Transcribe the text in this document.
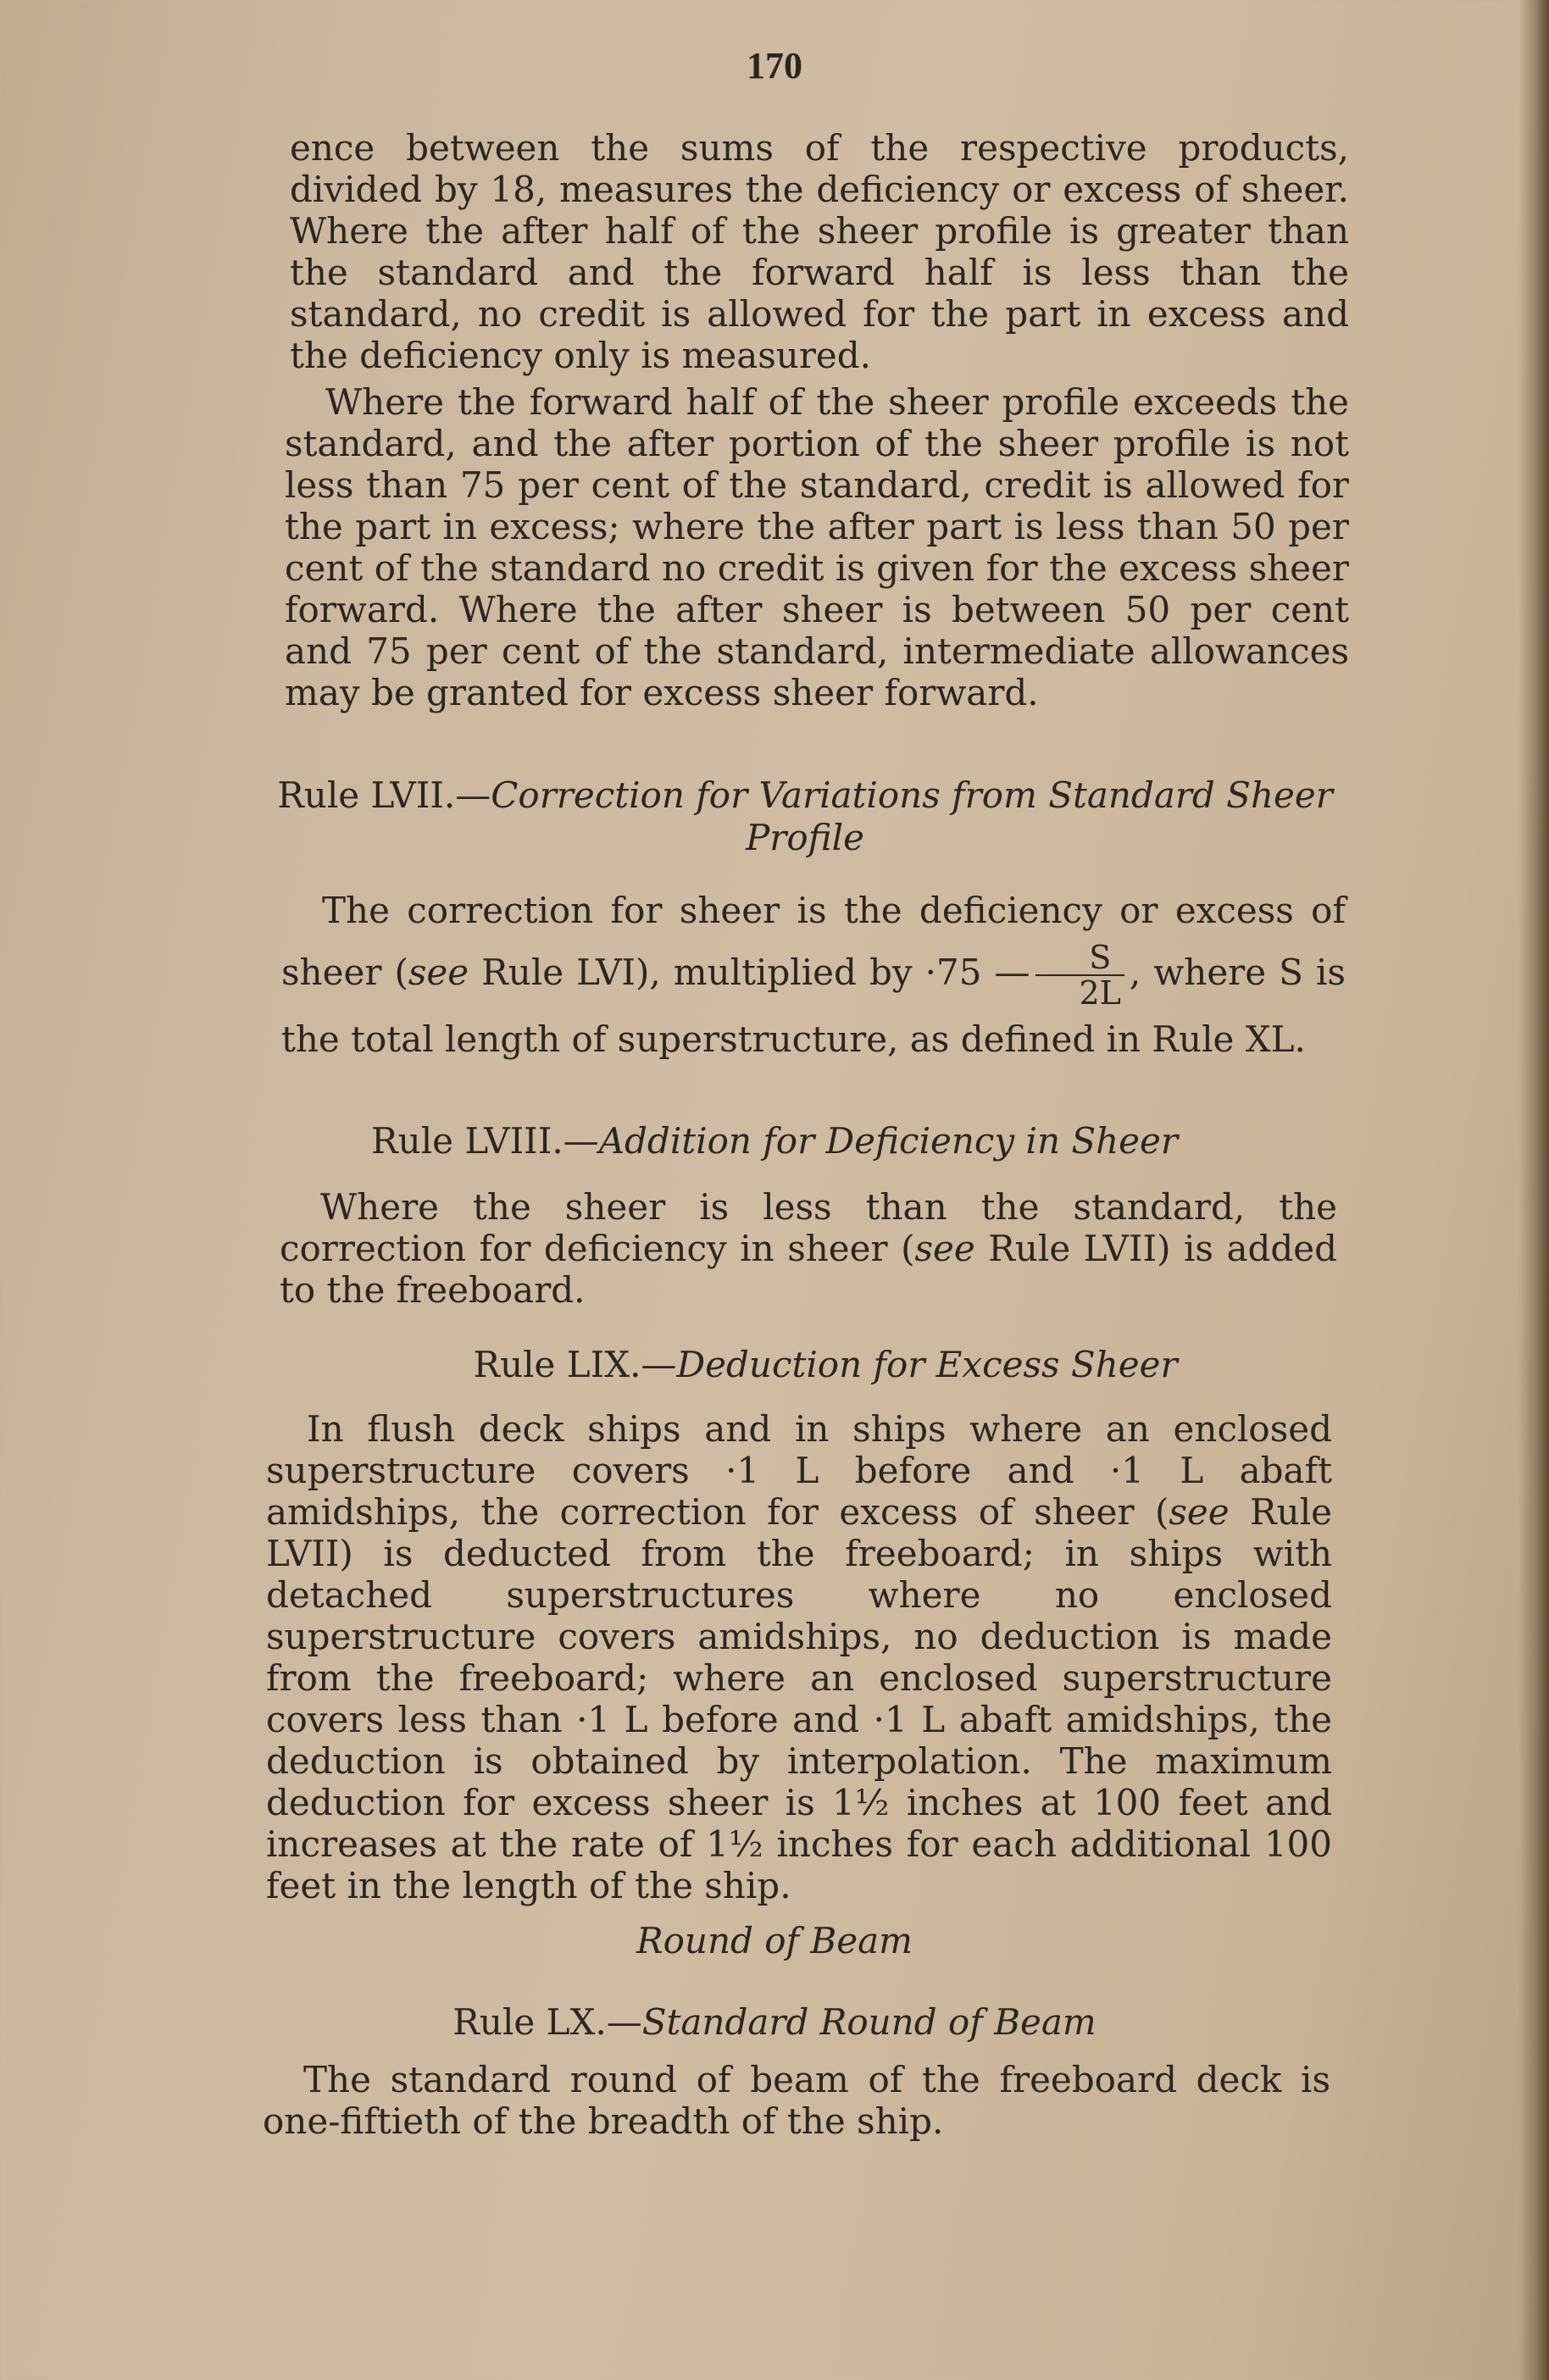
170

ence between the sums of the respective products, divided by 18, measures the deficiency or excess of sheer. Where the after half of the sheer profile is greater than the standard and the forward half is less than the standard, no credit is allowed for the part in excess and the deficiency only is measured.

Where the forward half of the sheer profile exceeds the standard, and the after portion of the sheer profile is not less than 75 per cent of the standard, credit is allowed for the part in excess; where the after part is less than 50 per cent of the standard no credit is given for the excess sheer forward. Where the after sheer is between 50 per cent and 75 per cent of the standard, intermediate allowances may be granted for excess sheer forward.

Rule LVII.—Correction for Variations from Standard Sheer
Profile

The correction for sheer is the deficiency or excess of sheer (see Rule LVI), multiplied by ·75 — $\frac{S}{2L}$ , where S is the total length of superstructure, as defined in Rule XL.

Rule LVIII.—Addition for Deficiency in Sheer

Where the sheer is less than the standard, the correction for deficiency in sheer (see Rule LVII) is added to the freeboard.

Rule LIX.—Deduction for Excess Sheer

In flush deck ships and in ships where an enclosed superstructure covers ·1 L before and ·1 L abaft amidships, the correction for excess of sheer (see Rule LVII) is deducted from the freeboard; in ships with detached superstructures where no enclosed superstructure covers amidships, no deduction is made from the freeboard; where an enclosed superstructure covers less than ·1 L before and ·1 L abaft amidships, the deduction is obtained by interpolation. The maximum deduction for excess sheer is 1½ inches at 100 feet and increases at the rate of 1½ inches for each additional 100 feet in the length of the ship.

Round of Beam
Rule LX.—Standard Round of Beam

The standard round of beam of the freeboard deck is one-fiftieth of the breadth of the ship.
